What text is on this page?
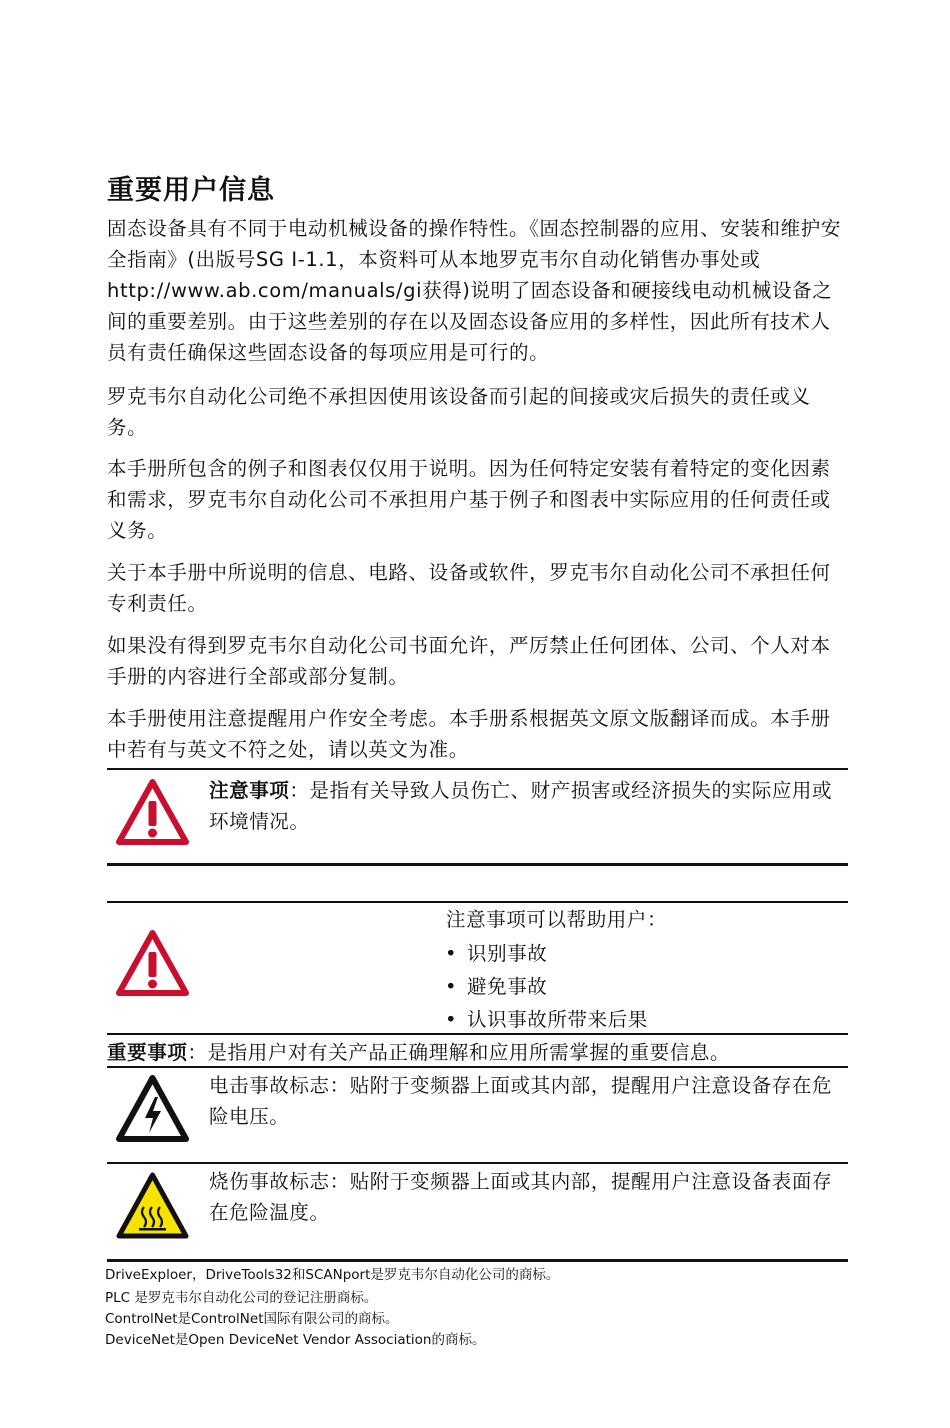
重要用户信息

固态设备具有不同于电动机械设备的操作特性。《固态控制器的应用、安装和维护安全指南》(出版号SG I-1.1，本资料可从本地罗克韦尔自动化销售办事处或http://www.ab.com/manuals/gi获得)说明了固态设备和硬接线电动机械设备之间的重要差别。由于这些差别的存在以及固态设备应用的多样性，因此所有技术人员有责任确保这些固态设备的每项应用是可行的。

罗克韦尔自动化公司绝不承担因使用该设备而引起的间接或灾后损失的责任或义务。

本手册所包含的例子和图表仅仅用于说明。因为任何特定安装有着特定的变化因素和需求，罗克韦尔自动化公司不承担用户基于例子和图表中实际应用的任何责任或义务。

关于本手册中所说明的信息、电路、设备或软件，罗克韦尔自动化公司不承担任何专利责任。

如果没有得到罗克韦尔自动化公司书面允许，严厉禁止任何团体、公司、个人对本手册的内容进行全部或部分复制。

本手册使用注意提醒用户作安全考虑。本手册系根据英文原文版翻译而成。本手册中若有与英文不符之处，请以英文为准。

注意事项：是指有关导致人员伤亡、财产损害或经济损失的实际应用或环境情况。
注意事项可以帮助用户：
• 识别事故
• 避免事故
• 认识事故所带来后果
重要事项：是指用户对有关产品正确理解和应用所需掌握的重要信息。
电击事故标志：贴附于变频器上面或其内部，提醒用户注意设备存在危险电压。
烧伤事故标志：贴附于变频器上面或其内部，提醒用户注意设备表面存在危险温度。
DriveExploer，DriveTools32和SCANport是罗克韦尔自动化公司的商标。
PLC 是罗克韦尔自动化公司的登记注册商标。
ControlNet是ControlNet国际有限公司的商标。
DeviceNet是Open DeviceNet Vendor Association的商标。
